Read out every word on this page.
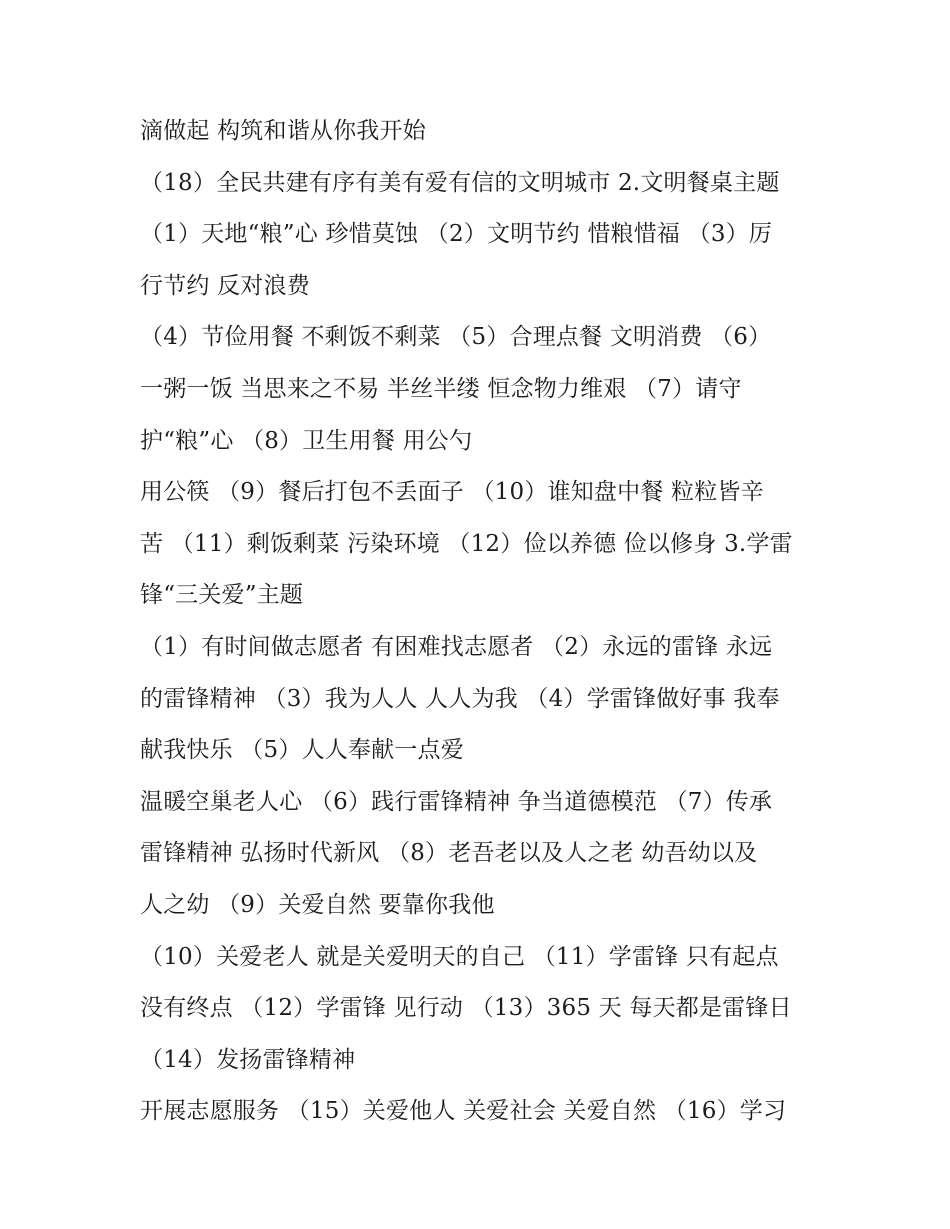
滴做起 构筑和谐从你我开始
（18）全民共建有序有美有爱有信的文明城市 2.文明餐桌主题
（1）天地“粮”心 珍惜莫蚀 （2）文明节约 惜粮惜福 （3）厉
行节约 反对浪费
（4）节俭用餐 不剩饭不剩菜 （5）合理点餐 文明消费 （6）
一粥一饭 当思来之不易 半丝半缕 恒念物力维艰 （7）请守
护“粮”心 （8）卫生用餐 用公勺
用公筷 （9）餐后打包不丢面子 （10）谁知盘中餐 粒粒皆辛
苦 （11）剩饭剩菜 污染环境 （12）俭以养德 俭以修身 3.学雷
锋“三关爱”主题
（1）有时间做志愿者 有困难找志愿者 （2）永远的雷锋 永远
的雷锋精神 （3）我为人人 人人为我 （4）学雷锋做好事 我奉
献我快乐 （5）人人奉献一点爱
温暖空巢老人心 （6）践行雷锋精神 争当道德模范 （7）传承
雷锋精神 弘扬时代新风 （8）老吾老以及人之老 幼吾幼以及
人之幼 （9）关爱自然 要靠你我他
（10）关爱老人 就是关爱明天的自己 （11）学雷锋 只有起点
没有终点 （12）学雷锋 见行动 （13）365 天 每天都是雷锋日
（14）发扬雷锋精神
开展志愿服务 （15）关爱他人 关爱社会 关爱自然 （16）学习
